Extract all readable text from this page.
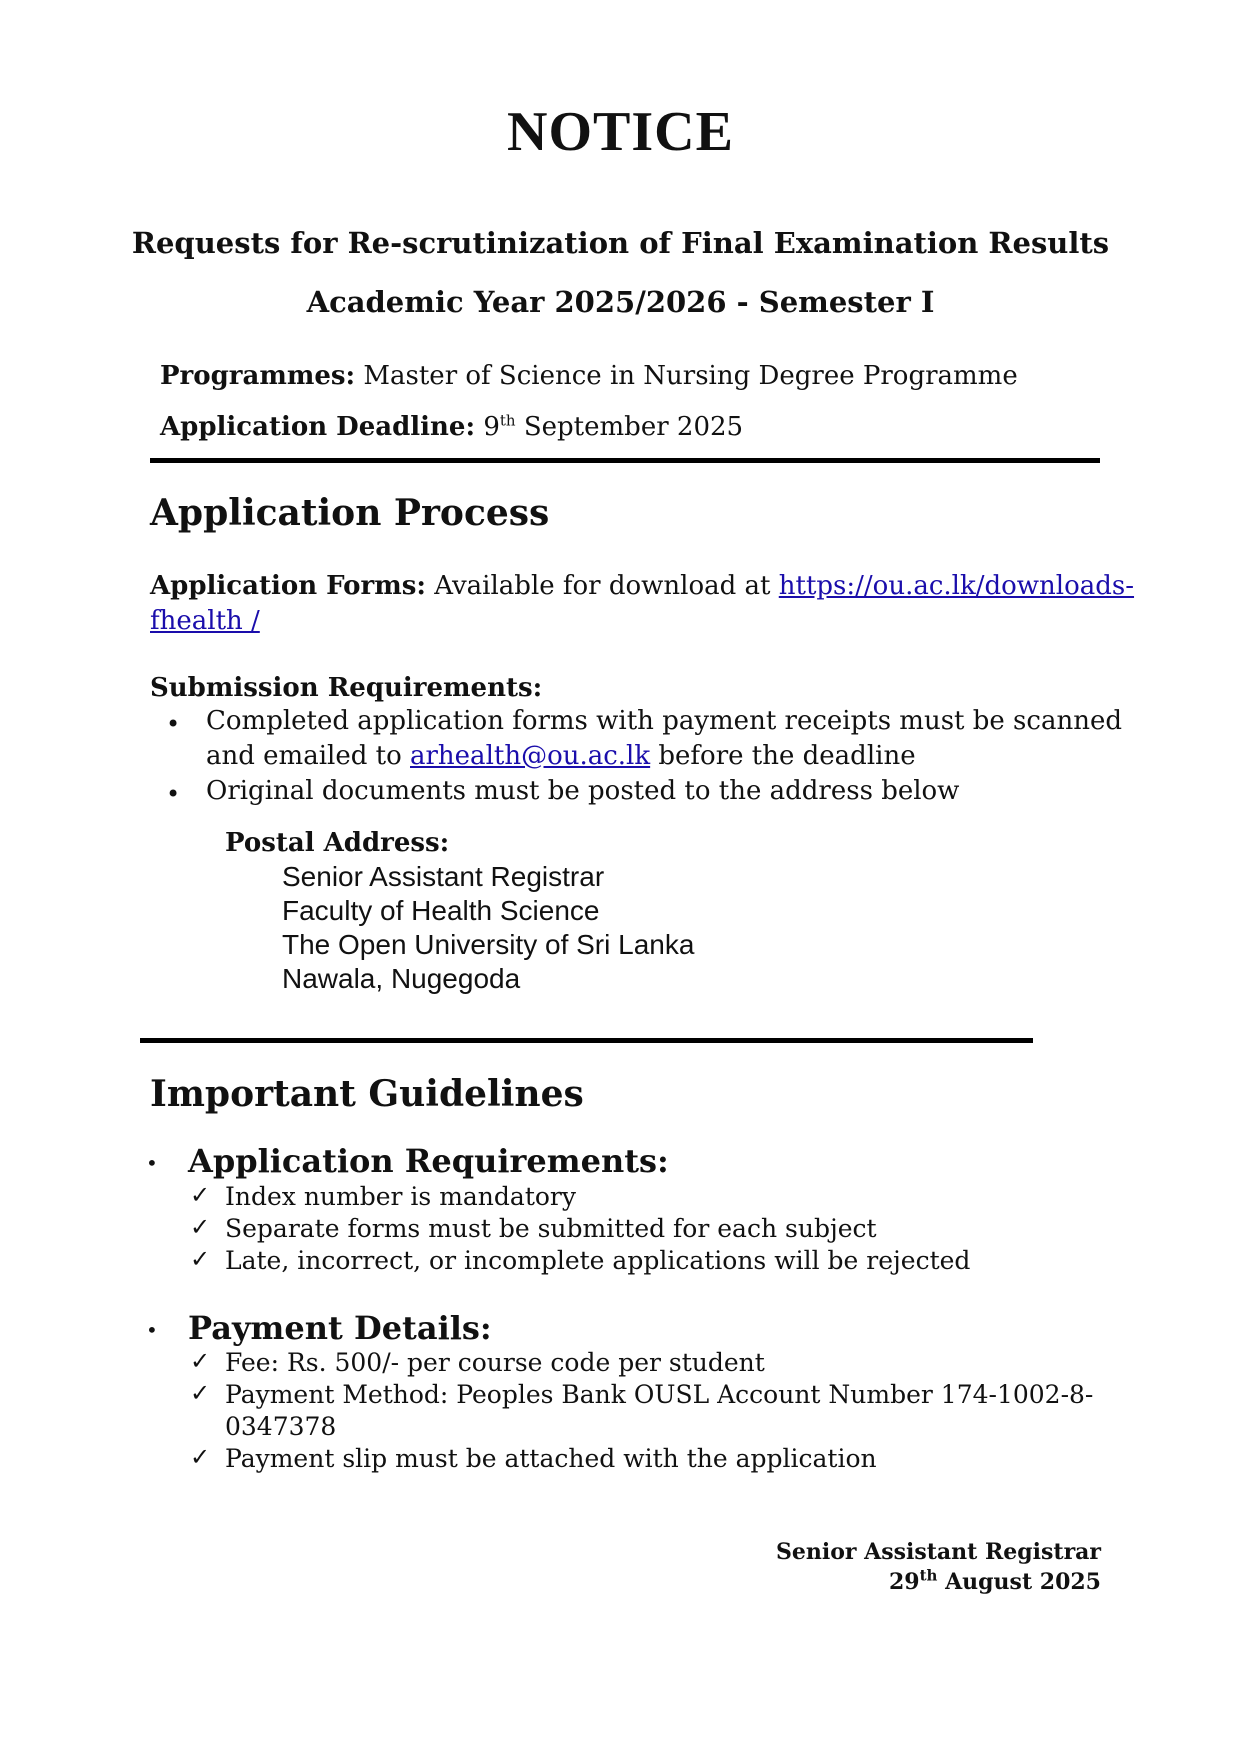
NOTICE
Requests for Re-scrutinization of Final Examination Results
Academic Year 2025/2026 - Semester I
Programmes: Master of Science in Nursing Degree Programme
Application Deadline: 9th September 2025
Application Process
Application Forms: Available for download at https://ou.ac.lk/downloads-
fhealth /
Submission Requirements:
• Completed application forms with payment receipts must be scanned
and emailed to arhealth@ou.ac.lk before the deadline
• Original documents must be posted to the address below
Postal Address:
Senior Assistant Registrar
Faculty of Health Science
The Open University of Sri Lanka
Nawala, Nugegoda
Important Guidelines
• Application Requirements:
✓ Index number is mandatory
✓ Separate forms must be submitted for each subject
✓ Late, incorrect, or incomplete applications will be rejected
• Payment Details:
✓ Fee: Rs. 500/- per course code per student
✓ Payment Method: Peoples Bank OUSL Account Number 174-1002-8-
0347378
✓ Payment slip must be attached with the application
Senior Assistant Registrar
29th August 2025
